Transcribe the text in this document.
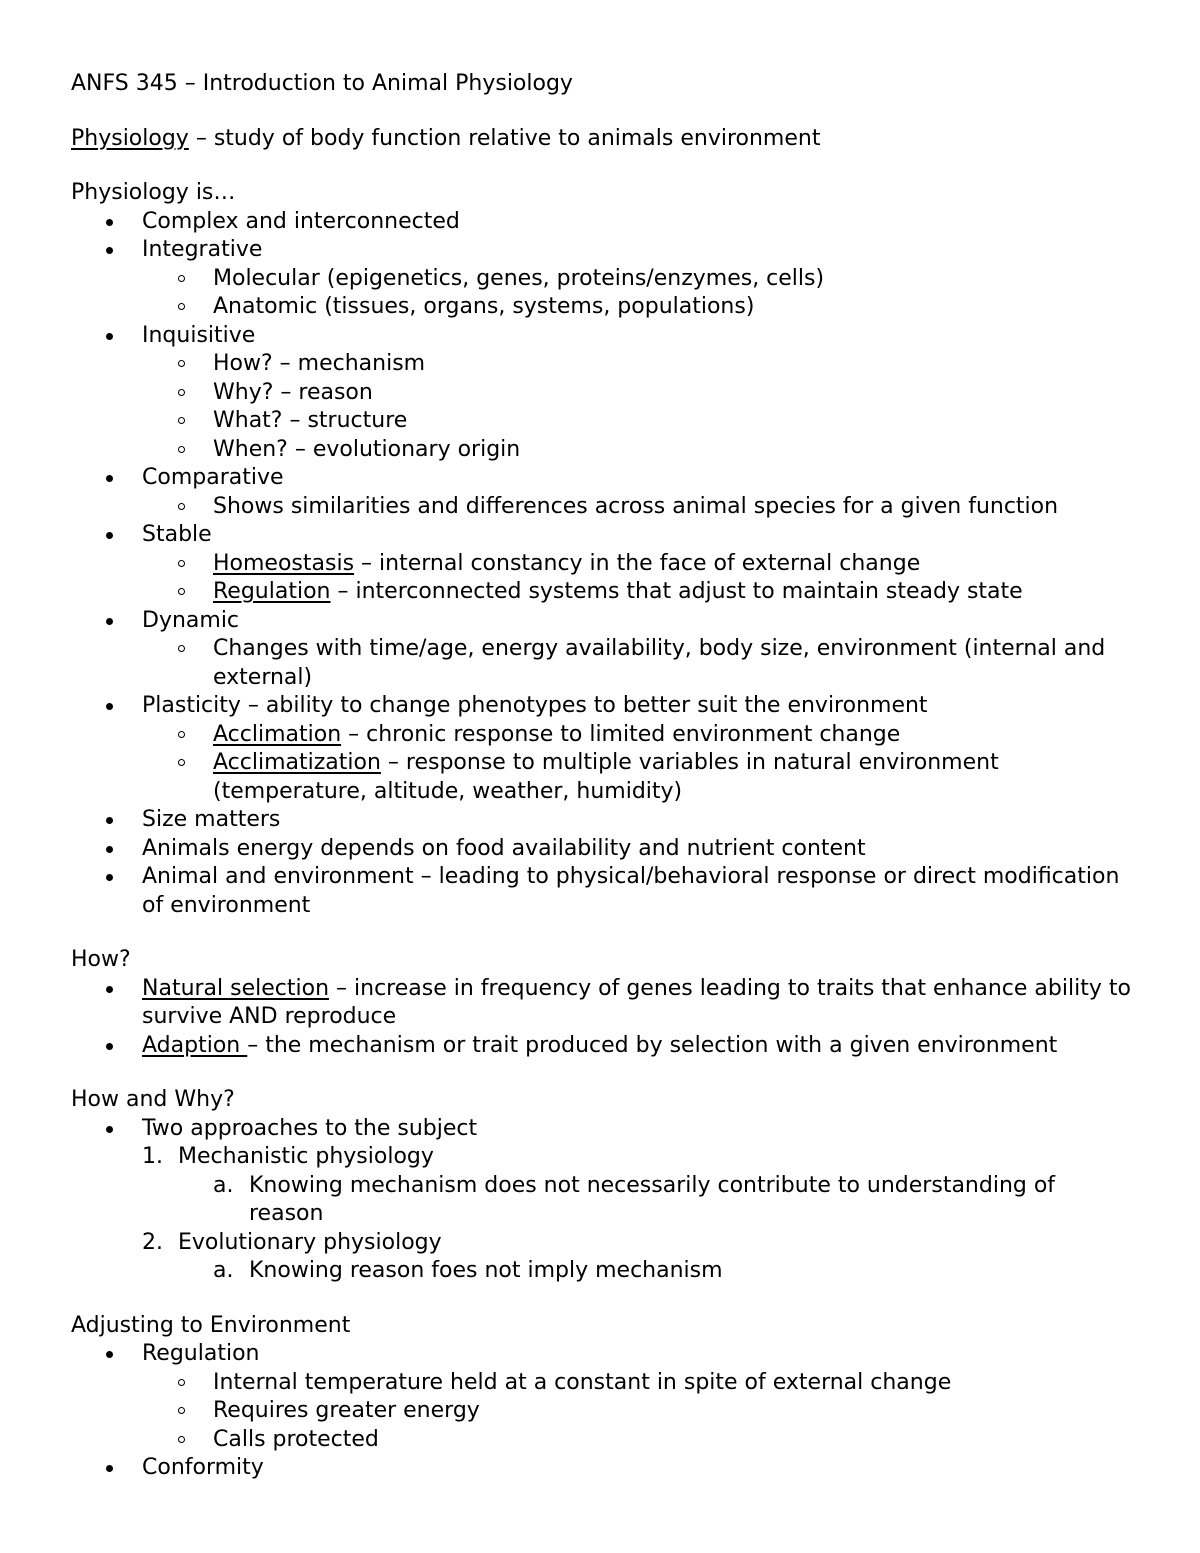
ANFS 345 – Introduction to Animal Physiology
Physiology – study of body function relative to animals environment
Physiology is…
Complex and interconnected
Integrative
Molecular (epigenetics, genes, proteins/enzymes, cells)
Anatomic (tissues, organs, systems, populations)
Inquisitive
How? – mechanism
Why? – reason
What? – structure
When? – evolutionary origin
Comparative
Shows similarities and differences across animal species for a given function
Stable
Homeostasis – internal constancy in the face of external change
Regulation – interconnected systems that adjust to maintain steady state
Dynamic
Changes with time/age, energy availability, body size, environment (internal and external)
Plasticity – ability to change phenotypes to better suit the environment
Acclimation – chronic response to limited environment change
Acclimatization – response to multiple variables in natural environment (temperature, altitude, weather, humidity)
Size matters
Animals energy depends on food availability and nutrient content
Animal and environment – leading to physical/behavioral response or direct modification of environment
How?
Natural selection – increase in frequency of genes leading to traits that enhance ability to survive AND reproduce
Adaption – the mechanism or trait produced by selection with a given environment
How and Why?
Two approaches to the subject
1. Mechanistic physiology
a. Knowing mechanism does not necessarily contribute to understanding of reason
2. Evolutionary physiology
a. Knowing reason foes not imply mechanism
Adjusting to Environment
Regulation
Internal temperature held at a constant in spite of external change
Requires greater energy
Calls protected
Conformity
